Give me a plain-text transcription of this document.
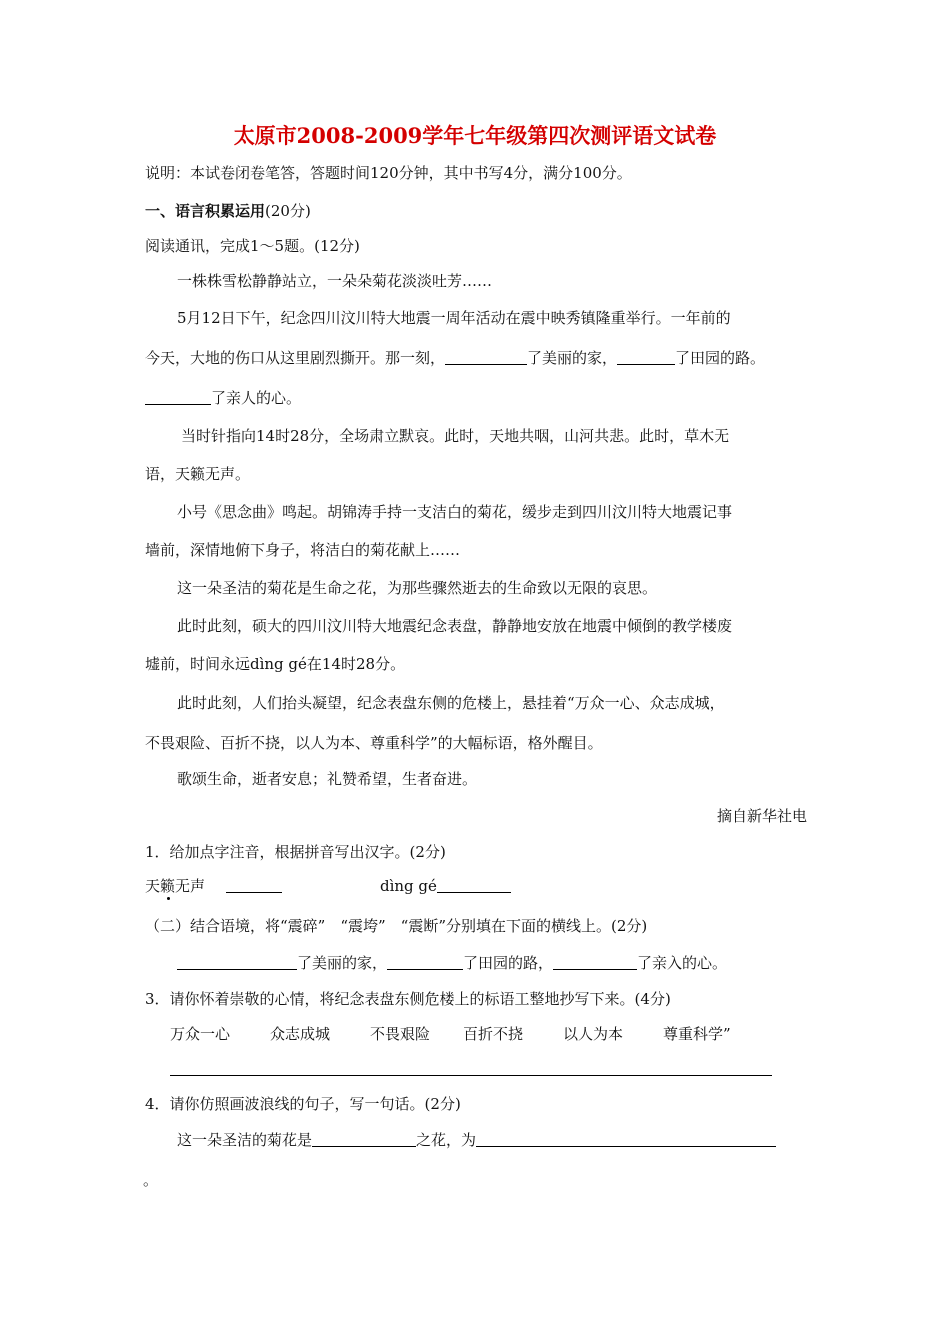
太原市2008-2009学年七年级第四次测评语文试卷
说明：本试卷闭卷笔答，答题时间120分钟，其中书写4分，满分100分。
一、语言积累运用(20分)
阅读通讯，完成1～5题。(12分)
一株株雪松静静站立，一朵朵菊花淡淡吐芳……
5月12日下午，纪念四川汶川特大地震一周年活动在震中映秀镇隆重举行。一年前的
今天，大地的伤口从这里剧烈撕开。那一刻，	了美丽的家，	了田园的路。
了亲人的心。
当时针指向14时28分，全场肃立默哀。此时，天地共咽，山河共悲。此时，草木无
语，天籁无声。
小号《思念曲》鸣起。胡锦涛手持一支洁白的菊花，缓步走到四川汶川特大地震记事
墙前，深情地俯下身子，将洁白的菊花献上……
这一朵圣洁的菊花是生命之花，为那些骤然逝去的生命致以无限的哀思。
此时此刻，硕大的四川汶川特大地震纪念表盘，静静地安放在地震中倾倒的教学楼废
墟前，时间永远dìng gé在14时28分。
此时此刻，人们抬头凝望，纪念表盘东侧的危楼上，悬挂着“万众一心、众志成城，
不畏艰险、百折不挠，以人为本、尊重科学”的大幅标语，格外醒目。
歌颂生命，逝者安息；礼赞希望，生者奋进。
摘自新华社电
1．给加点字注音，根据拼音写出汉字。(2分)
天籁无声	dìng gé
（二）结合语境，将“震碎”　“震垮”　“震断”分别填在下面的横线上。(2分)
了美丽的家，	了田园的路，	了亲入的心。
3．请你怀着崇敬的心情，将纪念表盘东侧危楼上的标语工整地抄写下来。(4分)
万众一心	众志成城	不畏艰险 百折不挠	以人为本	尊重科学”
4．请你仿照画波浪线的句子，写一句话。(2分)
这一朵圣洁的菊花是	之花，为
。
